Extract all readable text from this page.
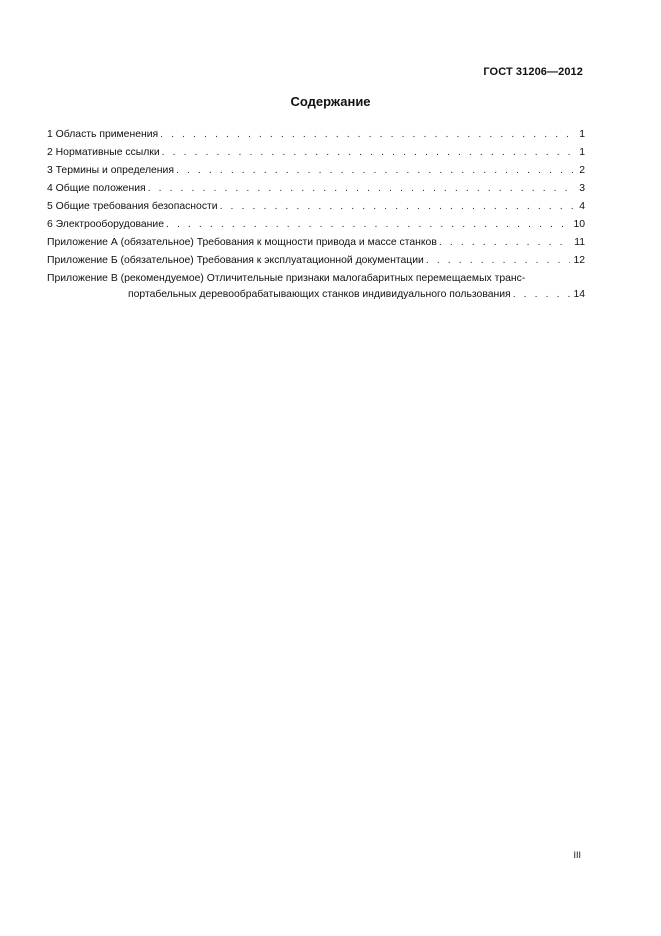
ГОСТ 31206—2012
Содержание
1 Область применения . . .	1
2 Нормативные ссылки . . .	1
3 Термины и определения . . .	2
4 Общие положения . . .	3
5 Общие требования безопасности . . .	4
6 Электрооборудование . . .	10
Приложение А (обязательное) Требования к мощности привода и массе станков . . .	11
Приложение Б (обязательное) Требования к эксплуатационной документации . . .	12
Приложение В (рекомендуемое) Отличительные признаки малогабаритных перемещаемых транс-
портабельных деревообрабатывающих станков индивидуального пользования . . .	14
III
